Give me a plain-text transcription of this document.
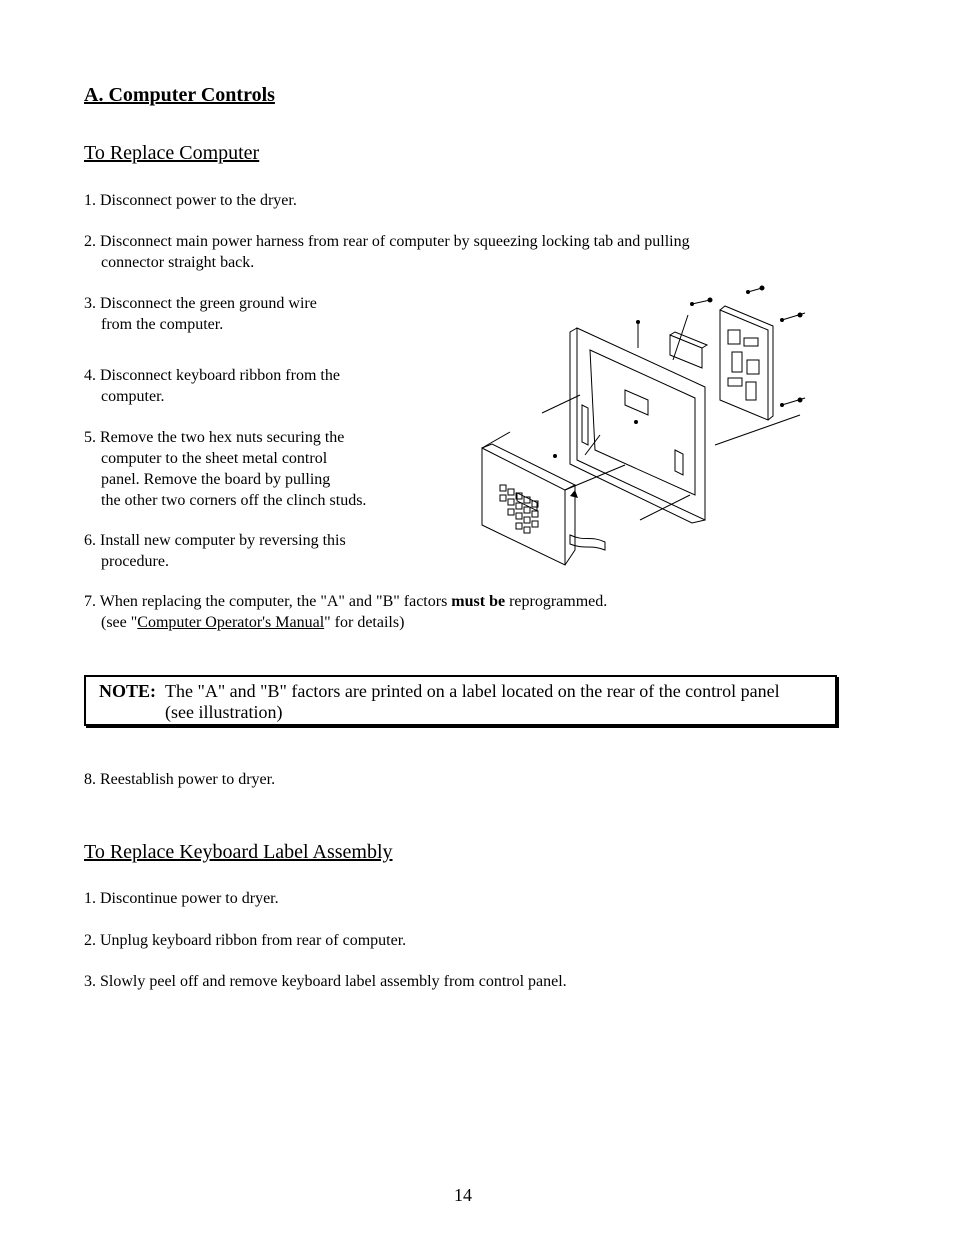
A. Computer Controls
To Replace Computer
1. Disconnect power to the dryer.
2. Disconnect main power harness from rear of computer by squeezing locking tab and pulling
connector straight back.
3. Disconnect the green ground wire
from the computer.
4. Disconnect keyboard ribbon from the
computer.
5. Remove the two hex nuts securing the
computer to the sheet metal control
panel. Remove the board by pulling
the other two corners off the clinch studs.
6. Install new computer by reversing this
procedure.
7. When replacing the computer, the "A" and "B" factors must be reprogrammed.
(see "Computer Operator's Manual" for details)
NOTE: The "A" and "B" factors are printed on a label located on the rear of the control panel
(see illustration)
8. Reestablish power to dryer.
To Replace Keyboard Label Assembly
1. Discontinue power to dryer.
2. Unplug keyboard ribbon from rear of computer.
3. Slowly peel off and remove keyboard label assembly from control panel.
14
